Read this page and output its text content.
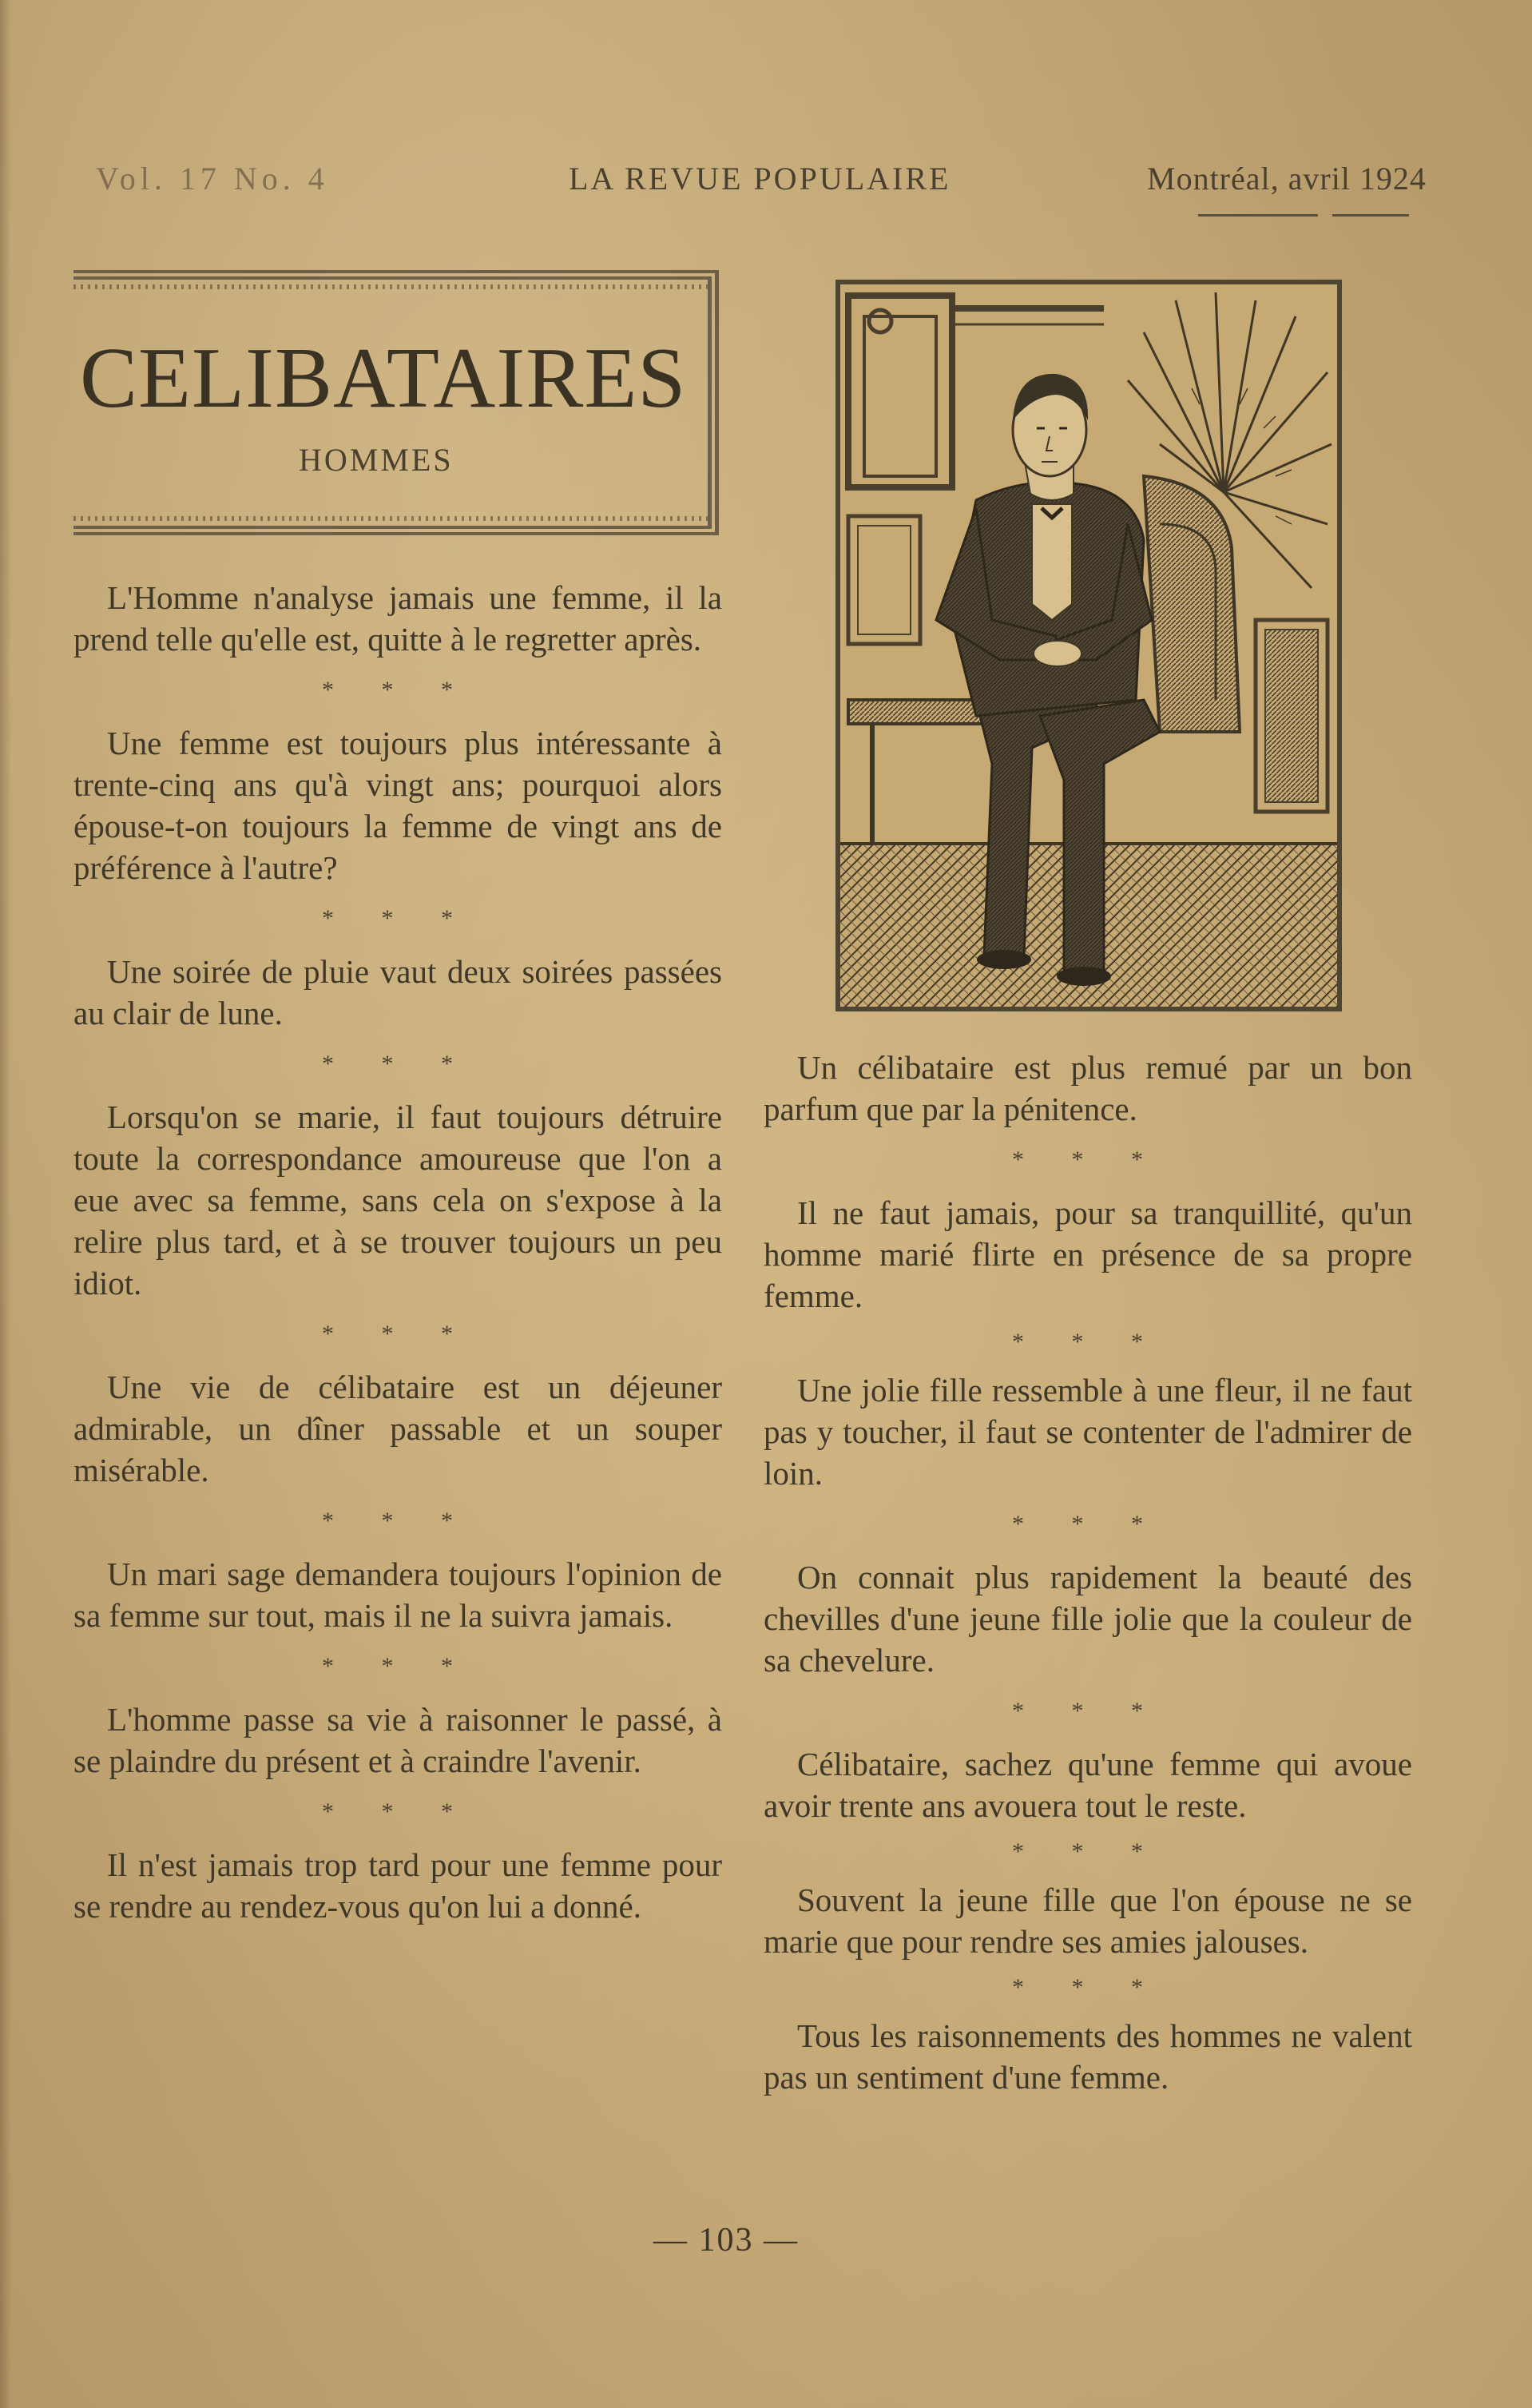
Vol. 17 No. 4	LA REVUE POPULAIRE	Montréal, avril 1924
CELIBATAIRES
HOMMES

L'Homme n'analyse jamais une femme, il la prend telle qu'elle est, quitte à le regretter après.

* * *

Une femme est toujours plus intéressante à trente-cinq ans qu'à vingt ans; pourquoi alors épouse-t-on toujours la femme de vingt ans de préférence à l'autre?

* * *

Une soirée de pluie vaut deux soirées passées au clair de lune.

* * *

Lorsqu'on se marie, il faut toujours détruire toute la correspondance amoureuse que l'on a eue avec sa femme, sans cela on s'expose à la relire plus tard, et à se trouver toujours un peu idiot.

* * *

Une vie de célibataire est un déjeuner admirable, un dîner passable et un souper misérable.

* * *

Un mari sage demandera toujours l'opinion de sa femme sur tout, mais il ne la suivra jamais.

* * *

L'homme passe sa vie à raisonner le passé, à se plaindre du présent et à craindre l'avenir.

* * *

Il n'est jamais trop tard pour une femme pour se rendre au rendez-vous qu'on lui a donné.

Un célibataire est plus remué par un bon parfum que par la pénitence.

* * *

Il ne faut jamais, pour sa tranquillité, qu'un homme marié flirte en présence de sa propre femme.

* * *

Une jolie fille ressemble à une fleur, il ne faut pas y toucher, il faut se contenter de l'admirer de loin.

* * *

On connait plus rapidement la beauté des chevilles d'une jeune fille jolie que la couleur de sa chevelure.

* * *

Célibataire, sachez qu'une femme qui avoue avoir trente ans avouera tout le reste.

* * *

Souvent la jeune fille que l'on épouse ne se marie que pour rendre ses amies jalouses.

* * *

Tous les raisonnements des hommes ne valent pas un sentiment d'une femme.

— 103 —
